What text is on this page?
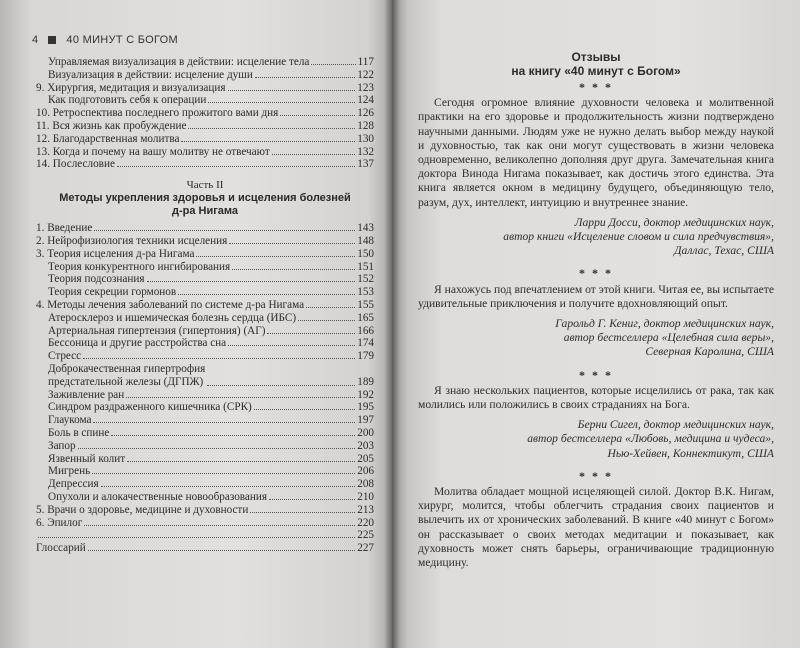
4	40 МИНУТ С БОГОМ
Управляемая визуализация в действии: исцеление тела	117
Визуализация в действии: исцеление души	122
9. Хирургия, медитация и визуализация	123
Как подготовить себя к операции	124
10. Ретроспектива последнего прожитого вами дня	126
11. Вся жизнь как пробуждение	128
12. Благодарственная молитва	130
13. Когда и почему на вашу молитву не отвечают	132
14. Послесловие	137
Часть II
Методы укрепления здоровья и исцеления болезней
д-ра Нигама
1. Введение	143
2. Нейрофизиология техники исцеления	148
3. Теория исцеления д-ра Нигама	150
Теория конкурентного ингибирования	151
Теория подсознания	152
Теория секреции гормонов	153
4. Методы лечения заболеваний по системе д-ра Нигама	155
Атеросклероз и ишемическая болезнь сердца (ИБС)	165
Артериальная гипертензия (гипертония) (АГ)	166
Бессоница и другие расстройства сна	174
Стресс	179
Доброкачественная гипертрофия
предстательной железы (ДГПЖ)	189
Заживление ран	192
Синдром раздраженного кишечника (СРК)	195
Глаукома	197
Боль в спине	200
Запор	203
Язвенный колит	205
Мигрень	206
Депрессия	208
Опухоли и алокачественные новообразования	210
5. Врачи о здоровье, медицине и духовности	213
6. Эпилог	220
225
Глоссарий	227
Отзывы
на книгу «40 минут с Богом»
* * *

Сегодня огромное влияние духовности человека и молитвенной практики на его здоровье и продолжительность жизни подтверждено научными данными. Людям уже не нужно делать выбор между наукой и духовностью, так как они могут существовать в жизни человека одновременно, великолепно дополняя друг друга. Замечательная книга доктора Винода Нигама показывает, как достичь этого единства. Эта книга является окном в медицину будущего, объединяющую тело, разум, дух, интеллект, интуицию и внутреннее знание.

Ларри Досси, доктор медицинских наук,
автор книги «Исцеление словом и сила предчувствия»,
Даллас, Техас, США
* * *

Я нахожусь под впечатлением от этой книги. Читая ее, вы испытаете удивительные приключения и получите вдохновляющий опыт.

Гарольд Г. Кениг, доктор медицинских наук,
автор бестселлера «Целебная сила веры»,
Северная Каролина, США
* * *

Я знаю нескольких пациентов, которые исцелились от рака, так как молились или положились в своих страданиях на Бога.

Берни Сигел, доктор медицинских наук,
автор бестселлера «Любовь, медицина и чудеса»,
Нью-Хейвен, Коннектикут, США
* * *

Молитва обладает мощной исцеляющей силой. Доктор В.К. Нигам, хирург, молится, чтобы облегчить страдания своих пациентов и вылечить их от хронических заболеваний. В книге «40 минут с Богом» он рассказывает о своих методах медитации и показывает, как духовность может снять барьеры, ограничивающие традиционную медицину.
